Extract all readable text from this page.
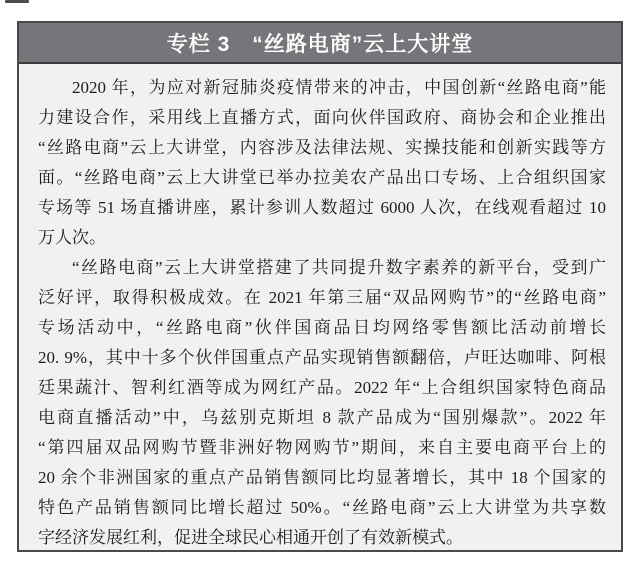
专栏 3　“丝路电商”云上大讲堂
2020 年，为应对新冠肺炎疫情带来的冲击，中国创新“丝路电商”能
力建设合作，采用线上直播方式，面向伙伴国政府、商协会和企业推出
“丝路电商”云上大讲堂，内容涉及法律法规、实操技能和创新实践等方
面。“丝路电商”云上大讲堂已举办拉美农产品出口专场、上合组织国家
专场等 51 场直播讲座，累计参训人数超过 6000 人次，在线观看超过 10
万人次。
“丝路电商”云上大讲堂搭建了共同提升数字素养的新平台，受到广
泛好评，取得积极成效。在 2021 年第三届“双品网购节”的“丝路电商”
专场活动中，“丝路电商”伙伴国商品日均网络零售额比活动前增长
20. 9%，其中十多个伙伴国重点产品实现销售额翻倍，卢旺达咖啡、阿根
廷果蔬汁、智利红酒等成为网红产品。2022 年“上合组织国家特色商品
电商直播活动”中，乌兹别克斯坦 8 款产品成为“国别爆款”。2022 年
“第四届双品网购节暨非洲好物网购节”期间，来自主要电商平台上的
20 余个非洲国家的重点产品销售额同比均显著增长，其中 18 个国家的
特色产品销售额同比增长超过 50%。“丝路电商”云上大讲堂为共享数
字经济发展红利，促进全球民心相通开创了有效新模式。
